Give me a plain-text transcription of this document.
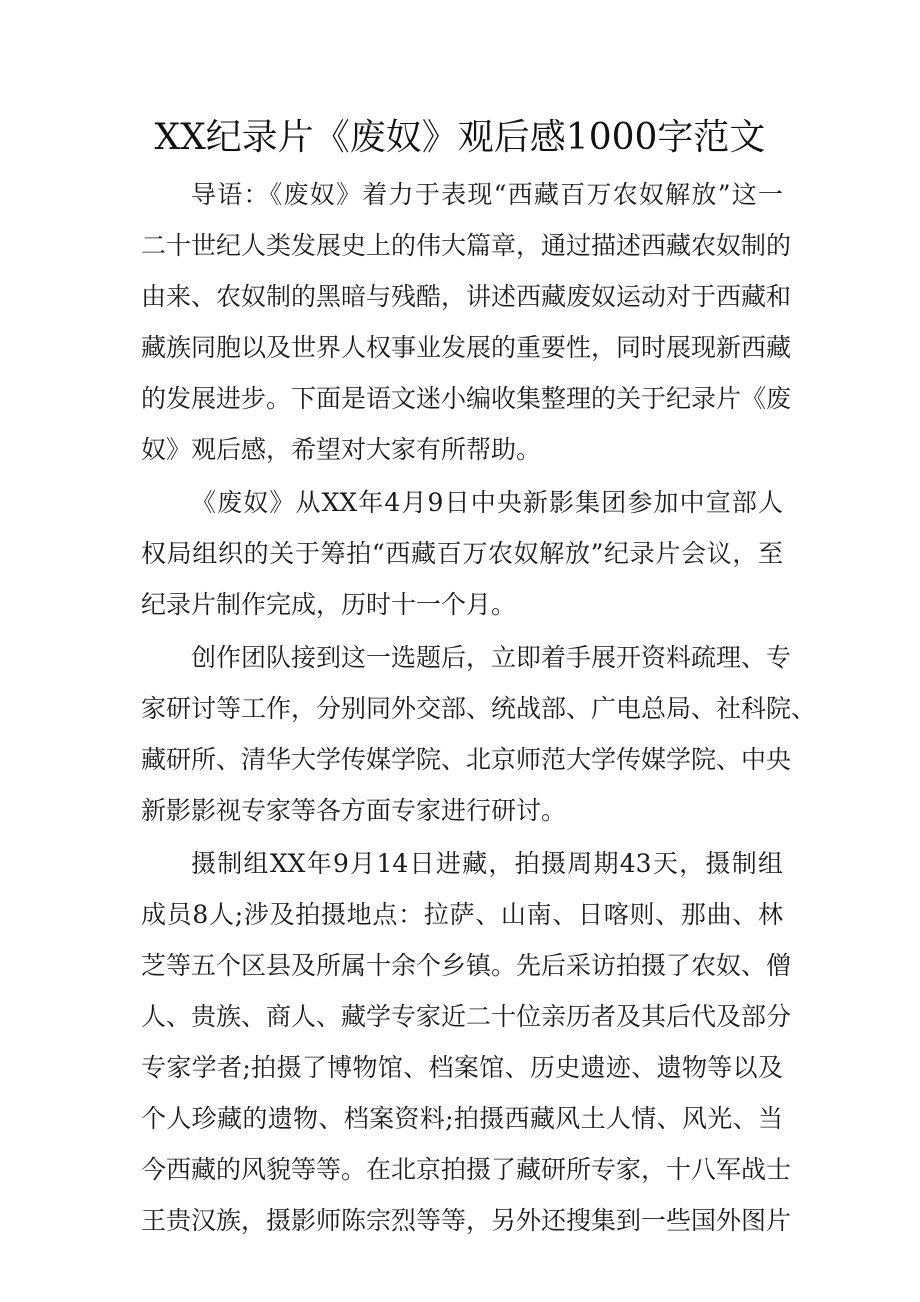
XX纪录片《废奴》观后感1000字范文
导语：《废奴》着力于表现“西藏百万农奴解放”这一
二十世纪人类发展史上的伟大篇章，通过描述西藏农奴制的
由来、农奴制的黑暗与残酷，讲述西藏废奴运动对于西藏和
藏族同胞以及世界人权事业发展的重要性，同时展现新西藏
的发展进步。下面是语文迷小编收集整理的关于纪录片《废
奴》观后感，希望对大家有所帮助。
《废奴》从XX年4月9日中央新影集团参加中宣部人
权局组织的关于筹拍“西藏百万农奴解放”纪录片会议，至
纪录片制作完成，历时十一个月。
创作团队接到这一选题后，立即着手展开资料疏理、专
家研讨等工作，分别同外交部、统战部、广电总局、社科院、
藏研所、清华大学传媒学院、北京师范大学传媒学院、中央
新影影视专家等各方面专家进行研讨。
摄制组XX年9月14日进藏，拍摄周期43天，摄制组
成员8人;涉及拍摄地点：拉萨、山南、日喀则、那曲、林
芝等五个区县及所属十余个乡镇。先后采访拍摄了农奴、僧
人、贵族、商人、藏学专家近二十位亲历者及其后代及部分
专家学者;拍摄了博物馆、档案馆、历史遗迹、遗物等以及
个人珍藏的遗物、档案资料;拍摄西藏风土人情、风光、当
今西藏的风貌等等。在北京拍摄了藏研所专家，十八军战士
王贵汉族，摄影师陈宗烈等等，另外还搜集到一些国外图片
